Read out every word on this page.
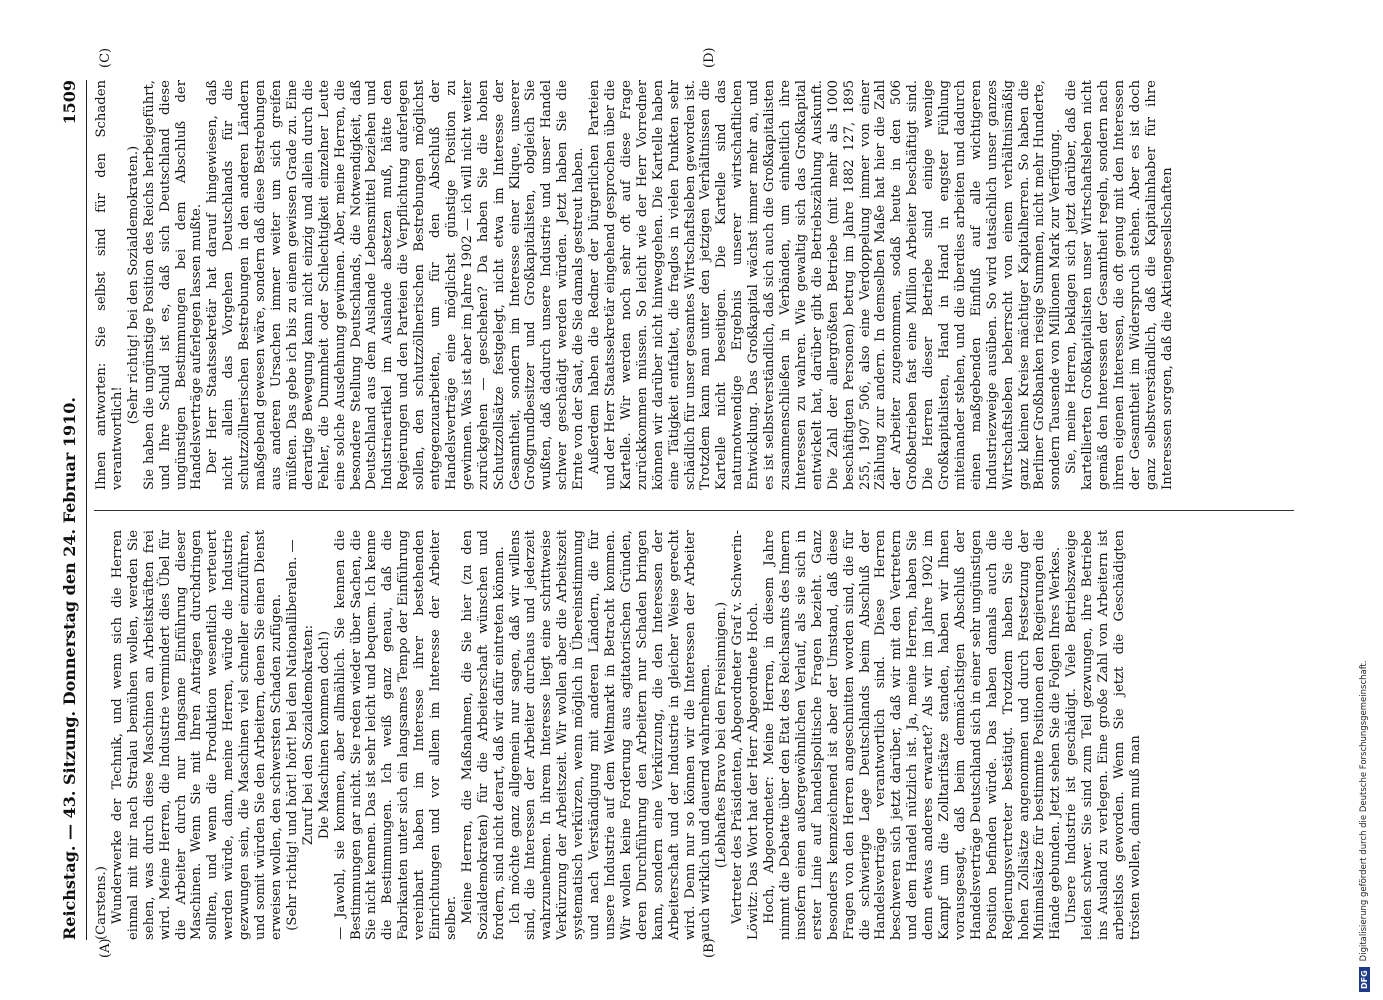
Reichstag. — 43. Sitzung. Donnerstag den 24. Februar 1910.
1509
(A)	(B)
(C)	(D)

(Carstens.) Wunderwerke der Technik, und wenn sich die Herren einmal mit mir nach Stralau bemühen wollen, werden Sie sehen, was durch diese Maschinen an Arbeitskräften frei wird. Meine Herren, die Industrie vermindert dies Übel für die Arbeiter durch nur langsame Einführung dieser Maschinen. Wenn Sie mit Ihren Anträgen durchdringen sollten, und wenn die Produktion wesentlich verteuert werden würde, dann, meine Herren, würde die Industrie gezwungen sein, die Maschinen viel schneller einzuführen, und somit würden Sie den Arbeitern, denen Sie einen Dienst erweisen wollen, den schwersten Schaden zufügen. (Sehr richtig! und hört! hört! bei den Nationalliberalen. — Zuruf bei den Sozialdemokraten: Die Maschinen kommen doch!) — Jawohl, sie kommen, aber allmählich. Sie kennen die Bestimmungen gar nicht. Sie reden wieder über Sachen, die Sie nicht kennen. Das ist sehr leicht und bequem. Ich kenne die Bestimmungen. Ich weiß ganz genau, daß die Fabrikanten unter sich ein langsames Tempo der Einführung vereinbart haben im Interesse ihrer bestehenden Einrichtungen und vor allem im Interesse der Arbeiter selber. Meine Herren, die Maßnahmen, die Sie hier (zu den Sozialdemokraten) für die Arbeiterschaft wünschen und fordern, sind nicht derart, daß wir dafür eintreten können. Ich möchte ganz allgemein nur sagen, daß wir willens sind, die Interessen der Arbeiter durchaus und jederzeit wahrzunehmen. In ihrem Interesse liegt eine schrittweise Verkürzung der Arbeitszeit. Wir wollen aber die Arbeitszeit systematisch verkürzen, wenn möglich in Übereinstimmung und nach Verständigung mit anderen Ländern, die für unsere Industrie auf dem Weltmarkt in Betracht kommen. Wir wollen keine Forderung aus agitatorischen Gründen, deren Durchführung den Arbeitern nur Schaden bringen kann, sondern eine Verkürzung, die den Interessen der Arbeiterschaft und der Industrie in gleicher Weise gerecht wird. Denn nur so können wir die Interessen der Arbeiter auch wirklich und dauernd wahrnehmen. (Lebhaftes Bravo bei den Freisinnigen.) Vertreter des Präsidenten, Abgeordneter Graf v. Schwerin-Löwitz: Das Wort hat der Herr Abgeordnete Hoch. Hoch, Abgeordneter: Meine Herren, in diesem Jahre nimmt die Debatte über den Etat des Reichsamts des Innern insofern einen außergewöhnlichen Verlauf, als sie sich in erster Linie auf handelspolitische Fragen bezieht. Ganz besonders kennzeichnend ist aber der Umstand, daß diese Fragen von den Herren angeschnitten worden sind, die für die schwierige Lage Deutschlands beim Abschluß der Handelsverträge verantwortlich sind. Diese Herren beschweren sich jetzt darüber, daß wir mit den Vertretern und dem Handel nützlich ist. Ja, meine Herren, haben Sie denn etwas anderes erwartet? Als wir im Jahre 1902 im Kampf um die Zolltarifsätze standen, haben wir Ihnen vorausgesagt, daß beim demnächstigen Abschluß der Handelsverträge Deutschland sich in einer sehr ungünstigen Position befinden würde. Das haben damals auch die Regierungsvertreter bestätigt. Trotzdem haben Sie die hohen Zollsätze angenommen und durch Festsetzung der Minimalsätze für bestimmte Positionen den Regierungen die Hände gebunden. Jetzt sehen Sie die Folgen Ihres Werkes. Unsere Industrie ist geschädigt. Viele Betriebszweige leiden schwer. Sie sind zum Teil gezwungen, ihre Betriebe ins Ausland zu verlegen. Eine große Zahl von Arbeitern ist arbeitslos geworden. Wenn Sie jetzt die Geschädigten trösten wollen, dann muß man

Ihnen antworten: Sie selbst sind für den Schaden verantwortlich!

(Sehr richtig! bei den Sozialdemokraten.) Sie haben die ungünstige Position des Reichs herbeigeführt, und Ihre Schuld ist es, daß sich Deutschland diese ungünstigen Bestimmungen bei dem Abschluß der Handelsverträge auferlegen lassen mußte. Der Herr Staatssekretär hat darauf hingewiesen, daß nicht allein das Vorgehen Deutschlands für die schutzzöllnerischen Bestrebungen in den anderen Ländern maßgebend gewesen wäre, sondern daß diese Bestrebungen aus anderen Ursachen immer weiter um sich greifen müßten. Das gebe ich bis zu einem gewissen Grade zu. Eine derartige Bewegung kann nicht einzig und allein durch die Fehler, die Dummheit oder Schlechtigkeit einzelner Leute eine solche Ausdehnung gewinnen. Aber, meine Herren, die besondere Stellung Deutschlands, die Notwendigkeit, daß Deutschland aus dem Auslande Lebensmittel beziehen und Industrieartikel im Auslande absetzen muß, hätte den Regierungen und den Parteien die Verpflichtung auferlegen sollen, den schutzzöllnerischen Bestrebungen möglichst entgegenzuarbeiten, um für den Abschluß der Handelsverträge eine möglichst günstige Position zu gewinnen. Was ist aber im Jahre 1902 — ich will nicht weiter zurückgehen — geschehen? Da haben Sie die hohen Schutzzollsätze festgelegt, nicht etwa im Interesse der Gesamtheit, sondern im Interesse einer Klique, unserer Großgrundbesitzer und Großkapitalisten, obgleich Sie wußten, daß dadurch unsere Industrie und unser Handel schwer geschädigt werden würden. Jetzt haben Sie die Ernte von der Saat, die Sie damals gestreut haben. Außerdem haben die Redner der bürgerlichen Parteien und der Herr Staatssekretär eingehend gesprochen über die Kartelle. Wir werden noch sehr oft auf diese Frage zurückkommen müssen. So leicht wie der Herr Vorredner können wir darüber nicht hinweggehen. Die Kartelle haben eine Tätigkeit entfaltet, die fraglos in vielen Punkten sehr schädlich für unser gesamtes Wirtschaftsleben geworden ist. Trotzdem kann man unter den jetzigen Verhältnissen die Kartelle nicht beseitigen. Die Kartelle sind das naturnotwendige Ergebnis unserer wirtschaftlichen Entwicklung. Das Großkapital wächst immer mehr an, und es ist selbstverständlich, daß sich auch die Großkapitalisten zusammenschließen in Verbänden, um einheitlich ihre Interessen zu wahren. Wie gewaltig sich das Großkapital entwickelt hat, darüber gibt die Betriebszählung Auskunft. Die Zahl der allergrößten Betriebe (mit mehr als 1000 beschäftigten Personen) betrug im Jahre 1882 127, 1895 255, 1907 506, also eine Verdoppelung immer von einer Zählung zur andern. In demselben Maße hat hier die Zahl der Arbeiter zugenommen, sodaß heute in den 506 Großbetrieben fast eine Million Arbeiter beschäftigt sind. Die Herren dieser Betriebe sind einige wenige Großkapitalisten, Hand in Hand in engster Fühlung miteinander stehen, und die überdies arbeiten und dadurch einen maßgebenden Einfluß auf alle wichtigeren Industriezweige ausüben. So wird tatsächlich unser ganzes Wirtschaftsleben beherrscht von einem verhältnismäßig ganz kleinen Kreise mächtiger Kapitalherren. So haben die Berliner Großbanken riesige Summen, nicht mehr Hunderte, sondern Tausende von Millionen Mark zur Verfügung. Sie, meine Herren, beklagen sich jetzt darüber, daß die kartellierten Großkapitalisten unser Wirtschaftsleben nicht gemäß den Interessen der Gesamtheit regeln, sondern nach ihren eigenen Interessen, die oft genug mit den Interessen der Gesamtheit im Widerspruch stehen. Aber es ist doch ganz selbstverständlich, daß die Kapitalinhaber für ihre Interessen sorgen, daß die Aktiengesellschaften

DFG
Digitalisierung gefördert durch die Deutsche Forschungsgemeinschaft.
